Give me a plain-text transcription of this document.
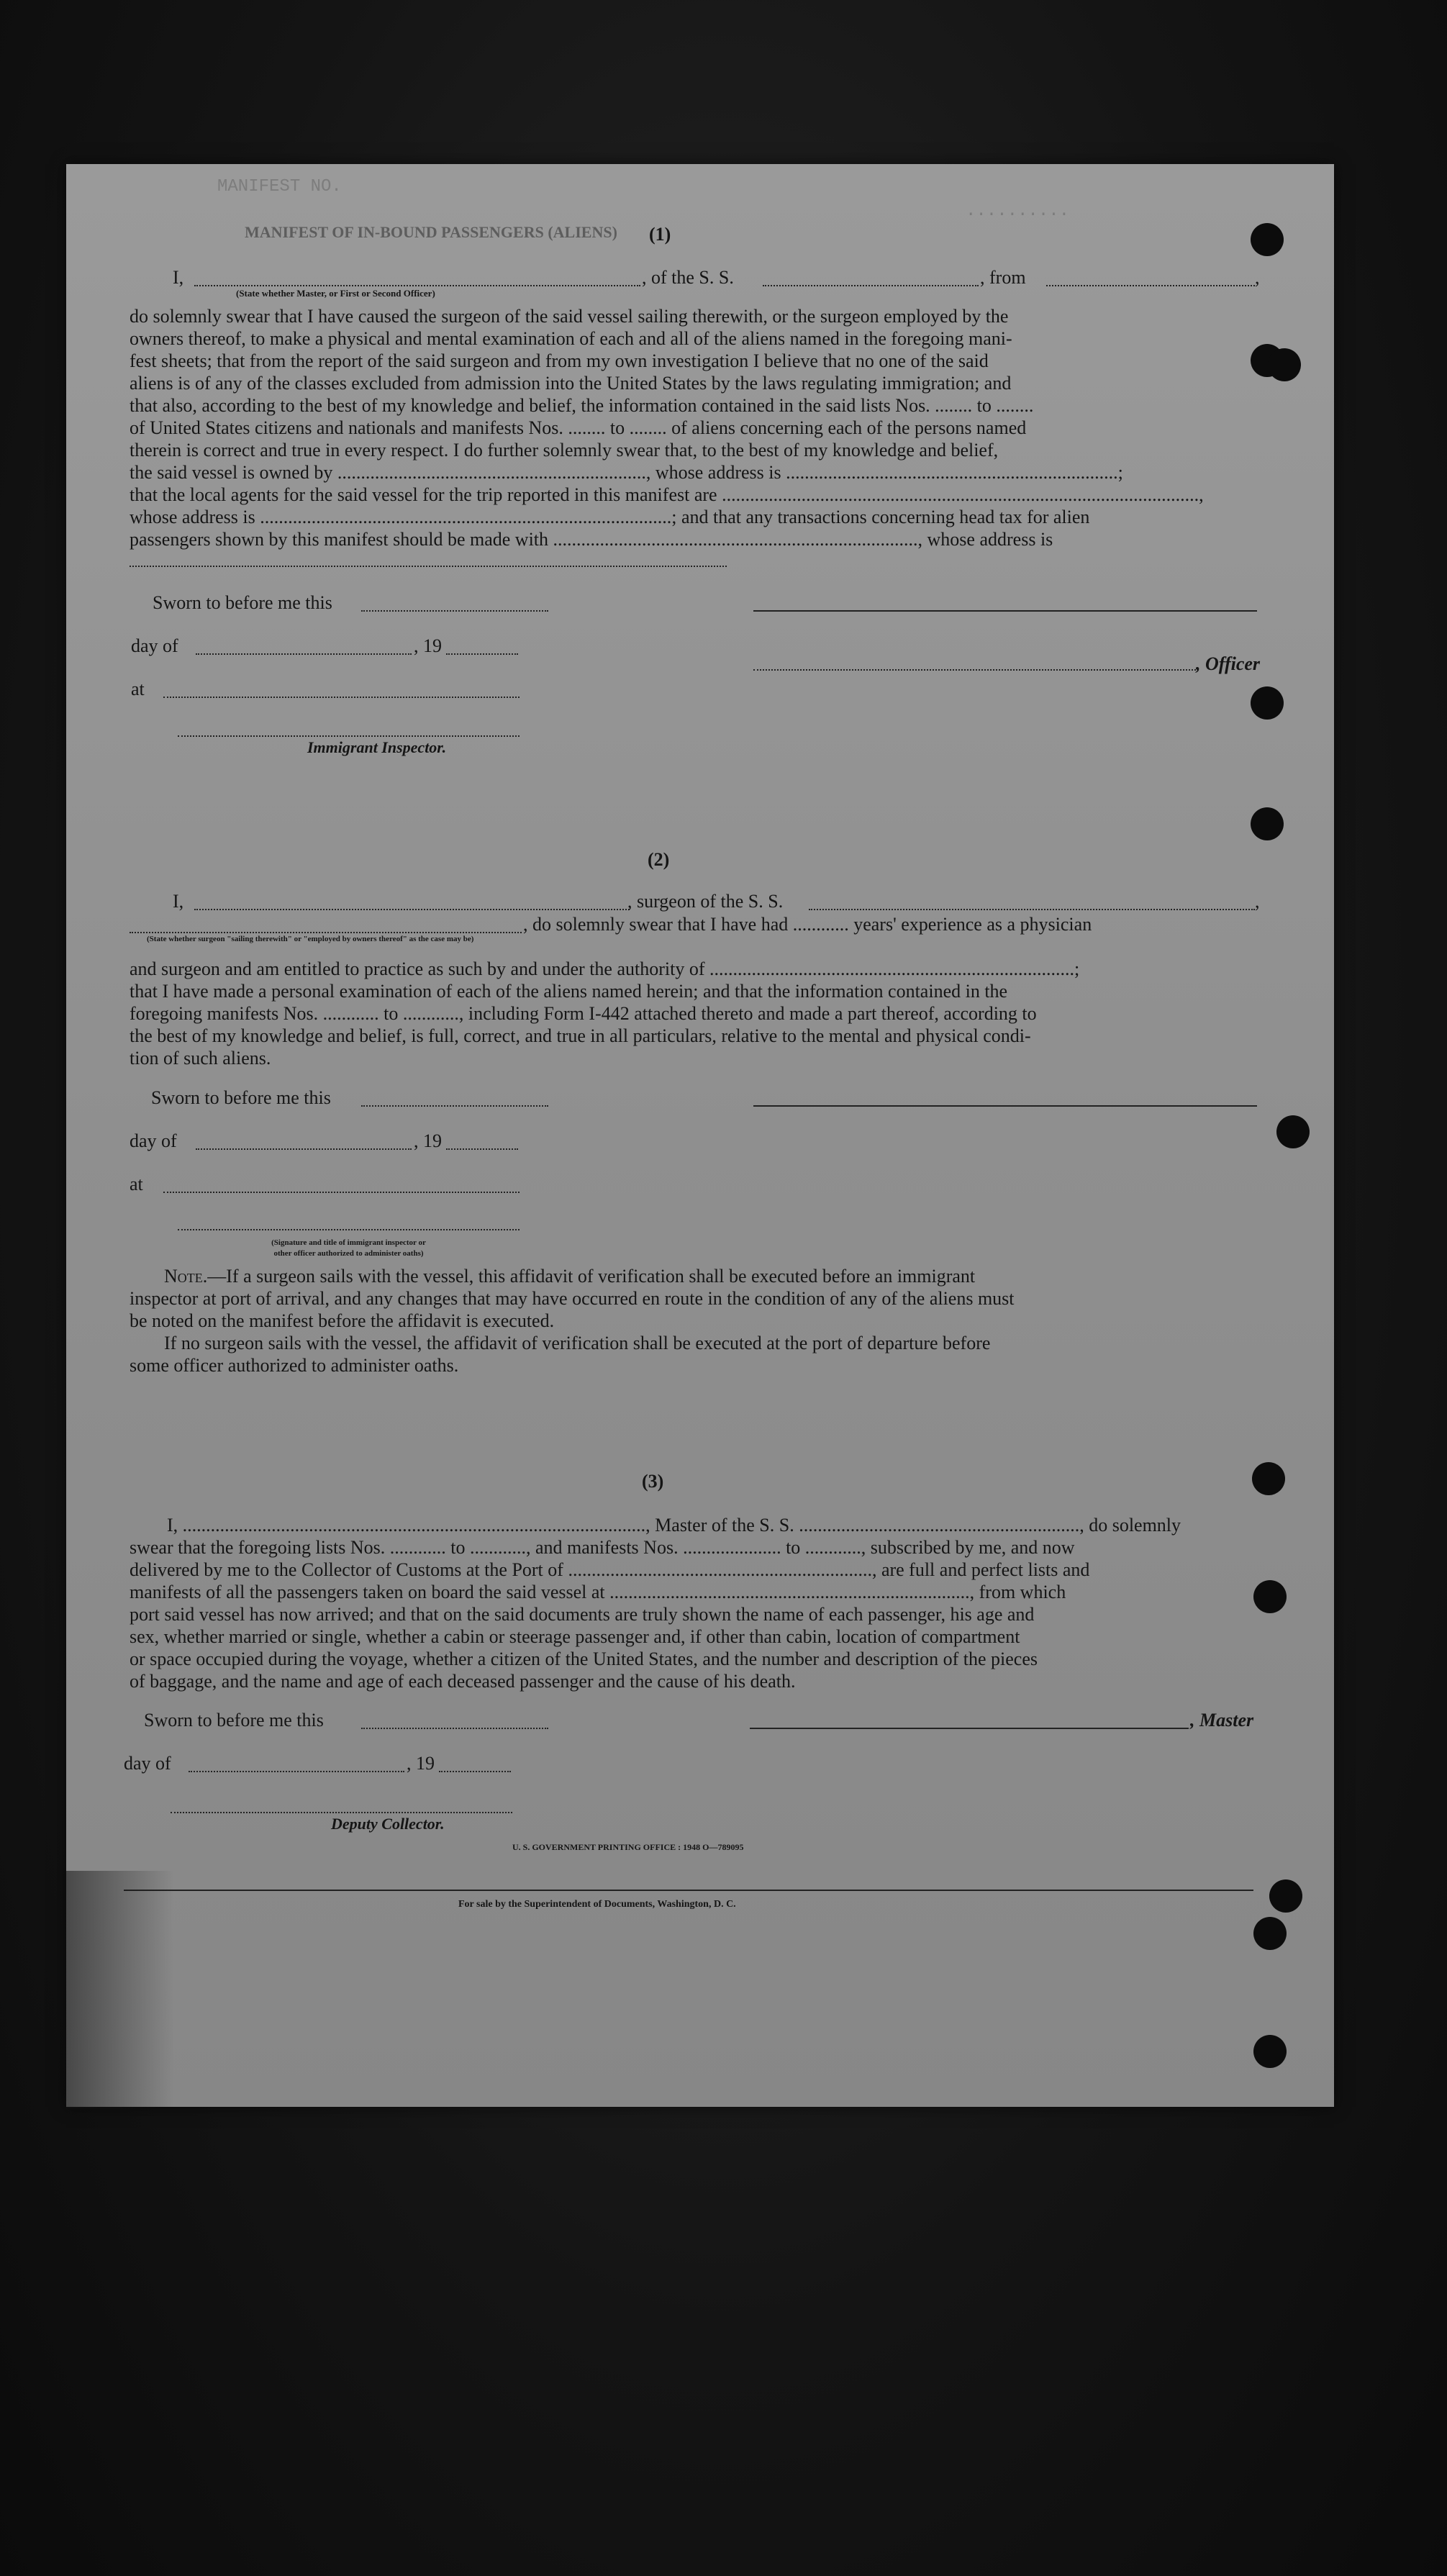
MANIFEST NO.
..........
MANIFEST OF IN-BOUND PASSENGERS (ALIENS) (1)
I,	, of the S. S.	, from	,
(State whether Master, or First or Second Officer)
do solemnly swear that I have caused the surgeon of the said vessel sailing therewith, or the surgeon employed by the
owners thereof, to make a physical and mental examination of each and all of the aliens named in the foregoing mani-
fest sheets; that from the report of the said surgeon and from my own investigation I believe that no one of the said
aliens is of any of the classes excluded from admission into the United States by the laws regulating immigration; and
that also, according to the best of my knowledge and belief, the information contained in the said lists Nos. ........ to ........
of United States citizens and nationals and manifests Nos. ........ to ........ of aliens concerning each of the persons named
therein is correct and true in every respect. I do further solemnly swear that, to the best of my knowledge and belief,
the said vessel is owned by .................................................................., whose address is .......................................................................;
that the local agents for the said vessel for the trip reported in this manifest are ......................................................................................................,
whose address is ........................................................................................; and that any transactions concerning head tax for alien
passengers shown by this manifest should be made with .............................................................................., whose address is
Sworn to before me this
day of	, 19
, Officer
at
Immigrant Inspector.
(2)
I,	, surgeon of the S. S.	,
, do solemnly swear that I have had ............ years' experience as a physician
(State whether surgeon "sailing therewith" or "employed by owners thereof" as the case may be)
and surgeon and am entitled to practice as such by and under the authority of ..............................................................................;
that I have made a personal examination of each of the aliens named herein; and that the information contained in the
foregoing manifests Nos. ............ to ............, including Form I-442 attached thereto and made a part thereof, according to
the best of my knowledge and belief, is full, correct, and true in all particulars, relative to the mental and physical condi-
tion of such aliens.
Sworn to before me this
day of	, 19
at
(Signature and title of immigrant inspector or
other officer authorized to administer oaths)
Note.—If a surgeon sails with the vessel, this affidavit of verification shall be executed before an immigrant
inspector at port of arrival, and any changes that may have occurred en route in the condition of any of the aliens must
be noted on the manifest before the affidavit is executed.
If no surgeon sails with the vessel, the affidavit of verification shall be executed at the port of departure before
some officer authorized to administer oaths.
(3)
I, ..................................................................................................., Master of the S. S. ............................................................, do solemnly
swear that the foregoing lists Nos. ............ to ............, and manifests Nos. ..................... to ............, subscribed by me, and now
delivered by me to the Collector of Customs at the Port of ................................................................., are full and perfect lists and
manifests of all the passengers taken on board the said vessel at ............................................................................., from which
port said vessel has now arrived; and that on the said documents are truly shown the name of each passenger, his age and
sex, whether married or single, whether a cabin or steerage passenger and, if other than cabin, location of compartment
or space occupied during the voyage, whether a citizen of the United States, and the number and description of the pieces
of baggage, and the name and age of each deceased passenger and the cause of his death.
Sworn to before me this	, Master
day of	, 19
Deputy Collector.
U. S. GOVERNMENT PRINTING OFFICE : 1948 O—789095
For sale by the Superintendent of Documents, Washington, D. C.
